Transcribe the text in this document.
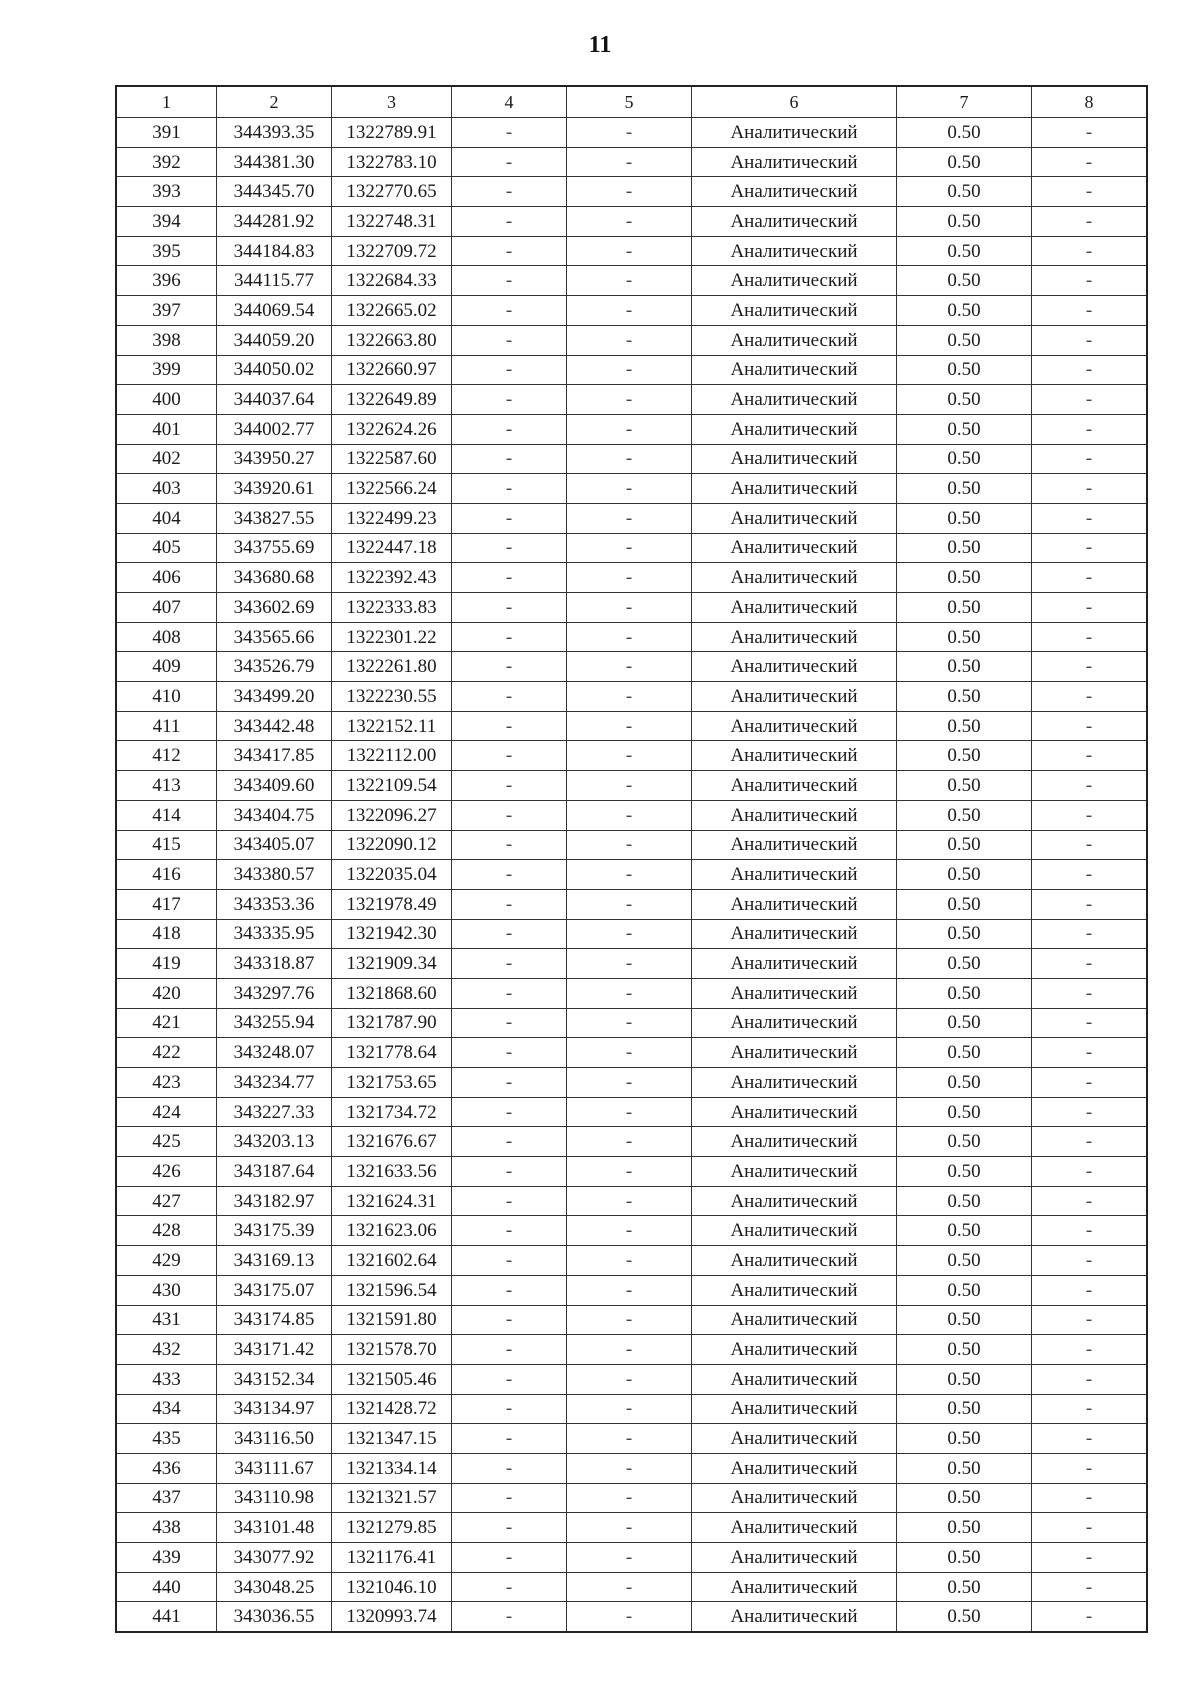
11
1	2	3	4	5	6	7	8
391	344393.35	1322789.91	-	-	Аналитический	0.50	-
392	344381.30	1322783.10	-	-	Аналитический	0.50	-
393	344345.70	1322770.65	-	-	Аналитический	0.50	-
394	344281.92	1322748.31	-	-	Аналитический	0.50	-
395	344184.83	1322709.72	-	-	Аналитический	0.50	-
396	344115.77	1322684.33	-	-	Аналитический	0.50	-
397	344069.54	1322665.02	-	-	Аналитический	0.50	-
398	344059.20	1322663.80	-	-	Аналитический	0.50	-
399	344050.02	1322660.97	-	-	Аналитический	0.50	-
400	344037.64	1322649.89	-	-	Аналитический	0.50	-
401	344002.77	1322624.26	-	-	Аналитический	0.50	-
402	343950.27	1322587.60	-	-	Аналитический	0.50	-
403	343920.61	1322566.24	-	-	Аналитический	0.50	-
404	343827.55	1322499.23	-	-	Аналитический	0.50	-
405	343755.69	1322447.18	-	-	Аналитический	0.50	-
406	343680.68	1322392.43	-	-	Аналитический	0.50	-
407	343602.69	1322333.83	-	-	Аналитический	0.50	-
408	343565.66	1322301.22	-	-	Аналитический	0.50	-
409	343526.79	1322261.80	-	-	Аналитический	0.50	-
410	343499.20	1322230.55	-	-	Аналитический	0.50	-
411	343442.48	1322152.11	-	-	Аналитический	0.50	-
412	343417.85	1322112.00	-	-	Аналитический	0.50	-
413	343409.60	1322109.54	-	-	Аналитический	0.50	-
414	343404.75	1322096.27	-	-	Аналитический	0.50	-
415	343405.07	1322090.12	-	-	Аналитический	0.50	-
416	343380.57	1322035.04	-	-	Аналитический	0.50	-
417	343353.36	1321978.49	-	-	Аналитический	0.50	-
418	343335.95	1321942.30	-	-	Аналитический	0.50	-
419	343318.87	1321909.34	-	-	Аналитический	0.50	-
420	343297.76	1321868.60	-	-	Аналитический	0.50	-
421	343255.94	1321787.90	-	-	Аналитический	0.50	-
422	343248.07	1321778.64	-	-	Аналитический	0.50	-
423	343234.77	1321753.65	-	-	Аналитический	0.50	-
424	343227.33	1321734.72	-	-	Аналитический	0.50	-
425	343203.13	1321676.67	-	-	Аналитический	0.50	-
426	343187.64	1321633.56	-	-	Аналитический	0.50	-
427	343182.97	1321624.31	-	-	Аналитический	0.50	-
428	343175.39	1321623.06	-	-	Аналитический	0.50	-
429	343169.13	1321602.64	-	-	Аналитический	0.50	-
430	343175.07	1321596.54	-	-	Аналитический	0.50	-
431	343174.85	1321591.80	-	-	Аналитический	0.50	-
432	343171.42	1321578.70	-	-	Аналитический	0.50	-
433	343152.34	1321505.46	-	-	Аналитический	0.50	-
434	343134.97	1321428.72	-	-	Аналитический	0.50	-
435	343116.50	1321347.15	-	-	Аналитический	0.50	-
436	343111.67	1321334.14	-	-	Аналитический	0.50	-
437	343110.98	1321321.57	-	-	Аналитический	0.50	-
438	343101.48	1321279.85	-	-	Аналитический	0.50	-
439	343077.92	1321176.41	-	-	Аналитический	0.50	-
440	343048.25	1321046.10	-	-	Аналитический	0.50	-
441	343036.55	1320993.74	-	-	Аналитический	0.50	-
